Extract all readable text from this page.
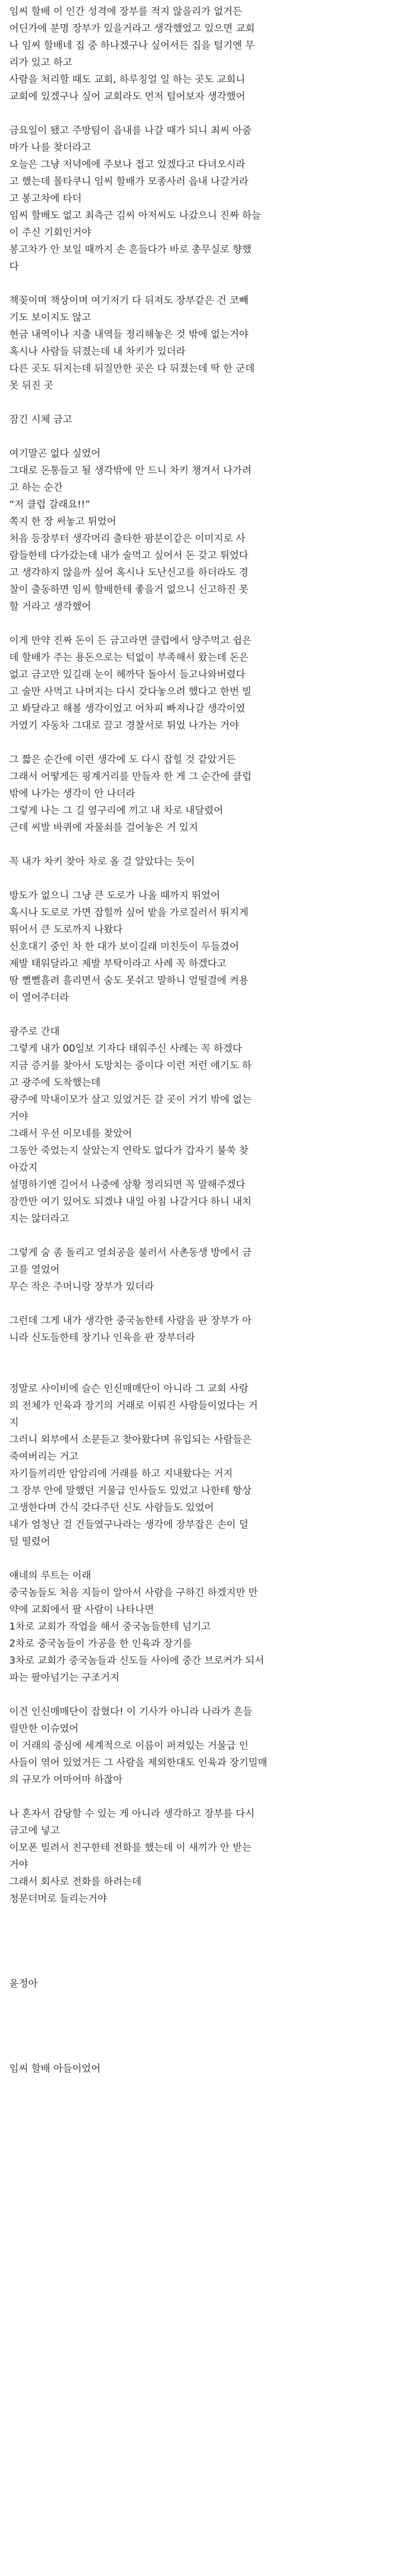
임씨 할배 이 인간 성격에 장부를 적지 않을리가 없거든
어딘가에 분명 장부가 있을거라고 생각했었고 있으면 교회
나 임씨 할배네 집 중 하나겠구나 싶어서든 집을 털기엔 무
리가 있고 하고
사람을 처리할 때도 교회, 하루칭얼 일 하는 곳도 교회니
교회에 있겠구나 싶어 교회라도 먼저 털어보자 생각했어
금요일이 됐고 주방팀이 읍내를 나갈 때가 되니 최씨 아줌
마가 나를 찾더라고
오늘은 그냥 저녁에에 주보나 접고 있겠다고 다녀오시라
고 했는데 몰타쿠니 임씨 할배가 모종사러 읍내 나갈거라
고 봉고차에 타더
임씨 할배도 없고 최측근 김씨 아저씨도 나갔으니 진짜 하늘
이 주신 기회인거야
봉고차가 안 보일 때까지 손 흔들다가 바로 총무실로 향했
다
책꽂이며 책상이며 여기저기 다 뒤져도 장부같은 건 코빼
기도 보이지도 않고
현금 내역이나 지출 내역들 정리해놓은 것 밖에 없는거야
혹시나 사람들 뒤졌는데 내 차키가 있더라
다른 곳도 뒤지는데 뒤질만한 곳은 다 뒤졌는데 딱 한 군데
못 뒤진 곳
잠긴 시체 금고
여기말곤 없다 싶었어
그대로 돈통들고 될 생각밖에 안 드니 차키 챙겨서 나가려
고 하는 순간
“저 클럽 갈래요!!”
쪽지 한 장 써놓고 튀었어
처음 등장부터 생각머리 출타한 팜분이같은 이미지로 사
람들한테 다가갔는데 내가 술먹고 싶어서 돈 갖고 튀었다
고 생각하지 않을까 싶어 혹시나 도난신고를 하더라도 경
찰이 출동하면 임씨 할배한테 좋을거 없으니 신고하진 못
할 거라고 생각했어
이게 만약 진짜 돈이 든 금고라면 클럽에서 양주먹고 쉽은
데 할배가 주는 용돈으로는 턱없이 부족해서 왔는데 돈은
없고 금고만 있길래 눈이 헤까닥 돌아서 들고나와버렸다
고 술만 사먹고 나머지는 다시 갖다놓으려 했다고 한번 빌
고 봐달라고 해볼 생각이었고 어차피 빠져나갈 생각이였
거였기 자동차 그대로 끌고 경찰서로 튀었 나가는 거야
그 짧은 순간에 이런 생각에 도 다시 잡힐 것 같았거든
그래서 어떻게든 핑계거리를 만들자 한 게 그 순간에 클럽
밖에 나가는 생각이 안 나더라
그렇게 나는 그 길 옆구리에 끼고 내 차로 내달렸어
근데 씨발 바퀴에 자물쇠를 걸어놓은 거 있지
꼭 내가 차키 찾아 차로 올 걸 알았다는 듯이
방도가 없으니 그냥 큰 도로가 나올 때까지 뛰었어
혹시나 도로로 가면 잡힐까 싶어 밭을 가로질러서 뛰지게
뛰어서 큰 도로까지 나왔다
신호대기 중인 차 한 대가 보이길래 미친듯이 두들겼어
제발 태워달라고 제발 부탁이라고 사례 꼭 하겠다고
땀 뻘뻘흘려 흘리면서 숨도 못쉬고 말하니 얼떨결에 켜용
이 열어주더라
광주로 간대
그렇게 내가 00일보 기자다 태워주신 사례는 꼭 하겠다
지금 증거를 찾아서 도망치는 중이다 이런 저런 얘기도 하
고 광주에 도착했는데
광주에 막내이모가 살고 있었거든 갈 곳이 거기 밖에 없는
거야
그래서 우선 이모네를 찾았어
그동안 죽었는지 살았는지 연락도 없다가 갑자기 불쑥 찾
아갔지
설명하기엔 길어서 나중에 상황 정리되면 꼭 말해주겠다
잠깐만 여기 있어도 되겠냐 내일 아침 나갈거다 하니 내치
지는 않더라고
그렇게 숨 좀 돌리고 열쇠공을 불러서 사촌동생 방에서 금
고를 열었어
무슨 작은 주머니랑 장부가 있더라
그런데 그게 내가 생각한 중국놈한테 사람을 판 장부가 아
니라 신도들한테 장기나 인육을 판 장부더라
정말로 사이비에 슬슨 인신매매단이 아니라 그 교회 사람
의 전체가 인육과 장기의 거래로 이뤄진 사람들이었다는 거
지
그러니 외부에서 소문듣고 찾아왔다며 유입되는 사람들은
죽여버리는 거고
자기들끼리만 암암리에 거래를 하고 지내왔다는 거지
그 장부 안에 말했던 거물급 인사들도 있었고 나한테 항상
고생한다며 간식 갖다주던 신도 사람들도 있었어
내가 엄청난 걸 건들였구나라는 생각에 장부잡은 손이 덜
덜 떨렸어
얘네의 루트는 이래
중국놈들도 처음 지들이 알아서 사람을 구하긴 하겠지만 만
약에 교회에서 팔 사람이 나타나면
1차로 교회가 작업을 해서 중국놈들한테 넘기고
2차로 중국놈들이 가공을 한 인육과 장기를
3차로 교회가 중국놈들과 신도들 사이에 중간 브로커가 되서
파는 팔아넘기는 구조거지
이건 인신매매단이 잡혔다! 이 기사가 아니라 나라가 흔들
릴만한 이슈였어
이 거래의 중심에 세계적으로 이름이 퍼져있는 거물급 인
사들이 엮어 있었거든 그 사람을 제외한대도 인육과 장기밀매
의 규모가 어마어마 하잖아
나 혼자서 감당할 수 있는 게 아니라 생각하고 장부를 다시
금고에 넣고
이모폰 빌려서 친구한테 전화를 했는데 이 새끼가 안 받는
거야
그래서 회사로 전화를 하려는데
청문더머로 들리는거야
윤정아
임씨 할배 아들이었어
